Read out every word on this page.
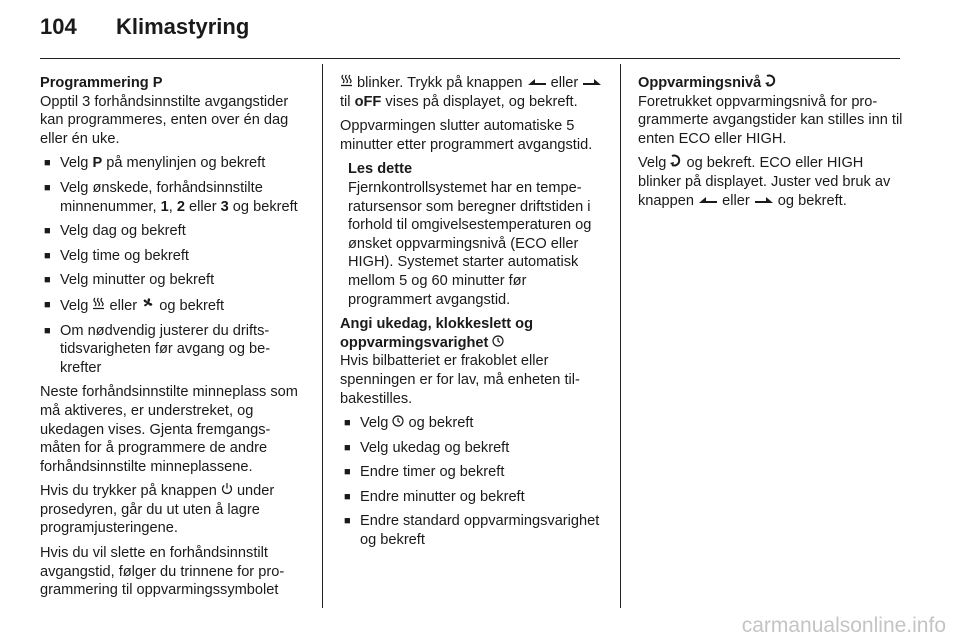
104 Klimastyring
Programmering P

Opptil 3 forhåndsinnstilte avgangstider kan programmeres, enten over én dag eller én uke.

■ Velg P på menylinjen og bekreft
■ Velg ønskede, forhåndsinnstilte minnenummer, 1, 2 eller 3 og bekreft
■ Velg dag og bekreft
■ Velg time og bekreft
■ Velg minutter og bekreft
■ Velg  eller  og bekreft
■ Om nødvendig justerer du driftstidsvarigheten før avgang og bekrefter

Neste forhåndsinnstilte minneplass som må aktiveres, er understreket, og ukedagen vises. Gjenta fremgangsmåten for å programmere de andre forhåndsinnstilte minneplassene.

Hvis du trykker på knappen  under prosedyren, går du ut uten å lagre programjusteringene.

Hvis du vil slette en forhåndsinnstilt avgangstid, følger du trinnene for programmering til oppvarmingssymbolet

blinker. Trykk på knappen  eller  til oFF vises på displayet, og bekreft.

Oppvarmingen slutter automatiske 5 minutter etter programmert avgangstid.

Les dette
Fjernkontrollsystemet har en temperatursensor som beregner driftstiden i forhold til omgivelsestemperaturen og ønsket oppvarmingsnivå (ECO eller HIGH). Systemet starter automatisk mellom 5 og 60 minutter før programmert avgangstid.
Angi ukedag, klokkeslett og oppvarmingsvarighet

Hvis bilbatteriet er frakoblet eller spenningen er for lav, må enheten tilbakestilles.

■ Velg  og bekreft
■ Velg ukedag og bekreft
■ Endre timer og bekreft
■ Endre minutter og bekreft
■ Endre standard oppvarmingsvarighet og bekreft
Oppvarmingsnivå

Foretrukket oppvarmingsnivå for programmerte avgangstider kan stilles inn til enten ECO eller HIGH.

Velg  og bekreft. ECO eller HIGH blinker på displayet. Juster ved bruk av knappen  eller  og bekreft.

carmanualsonline.info
